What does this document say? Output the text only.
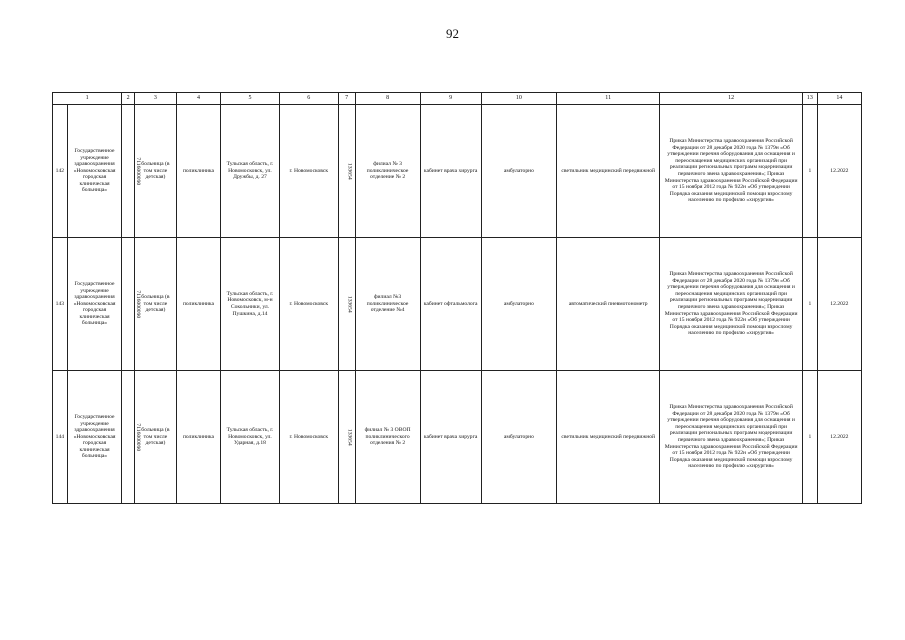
92
1		2	3	4	5	6	7	8	9	10	11	12	13	14
142	Государственное учреждение здравоохранения «Новомосковская городская клиническая больница»	7116000090	больница (в том числе детская)	поликлиника	Тульская область, г. Новомосковск, ул. Дружбы, д. 27	г. Новомосковск	133654	филиал № 3 поликлиническое отделение № 2	кабинет врача хирурга	амбулаторно	светильник медицинский передвижной	Приказ Министерства здравоохранения Российской Федерации от 28 декабря 2020 года № 1379н «Об утверждении перечня оборудования для оснащения и переоснащения медицинских организаций при реализации региональных программ модернизации первичного звена здравоохранения»; Приказ Министерства здравоохранения Российской Федерации от 15 ноября 2012 года № 922н «Об утверждении Порядка оказания медицинской помощи взрослому населению по профилю «хирургия»	1	12.2022
143	Государственное учреждение здравоохранения «Новомосковская городская клиническая больница»	7116000090	больница (в том числе детская)	поликлиника	Тульская область, г. Новомосковск, м-н Сокольники, ул. Пушкина, д.14	г. Новомосковск	133654	филиал №3 поликлиническое отделение №4	кабинет офтальмолога	амбулаторно	автоматический пневмотонометр	Приказ Министерства здравоохранения Российской Федерации от 28 декабря 2020 года № 1379н «Об утверждении перечня оборудования для оснащения и переоснащения медицинских организаций при реализации региональных программ модернизации первичного звена здравоохранения»; Приказ Министерства здравоохранения Российской Федерации от 15 ноября 2012 года № 922н «Об утверждении Порядка оказания медицинской помощи взрослому населению по профилю «хирургия»	1	12.2022
144	Государственное учреждение здравоохранения «Новомосковская городская клиническая больница»	7116000090	больница (в том числе детская)	поликлиника	Тульская область, г. Новомосковск, ул. Ударная, д.18	г. Новомосковск	133654	филиал № 3 ОВОП поликлинического отделения № 2	кабинет врача хирурга	амбулаторно	светильник медицинский передвижной	Приказ Министерства здравоохранения Российской Федерации от 28 декабря 2020 года № 1379н «Об утверждении перечня оборудования для оснащения и переоснащения медицинских организаций при реализации региональных программ модернизации первичного звена здравоохранения»; Приказ Министерства здравоохранения Российской Федерации от 15 ноября 2012 года № 922н «Об утверждении Порядка оказания медицинской помощи взрослому населению по профилю «хирургия»	1	12.2022
